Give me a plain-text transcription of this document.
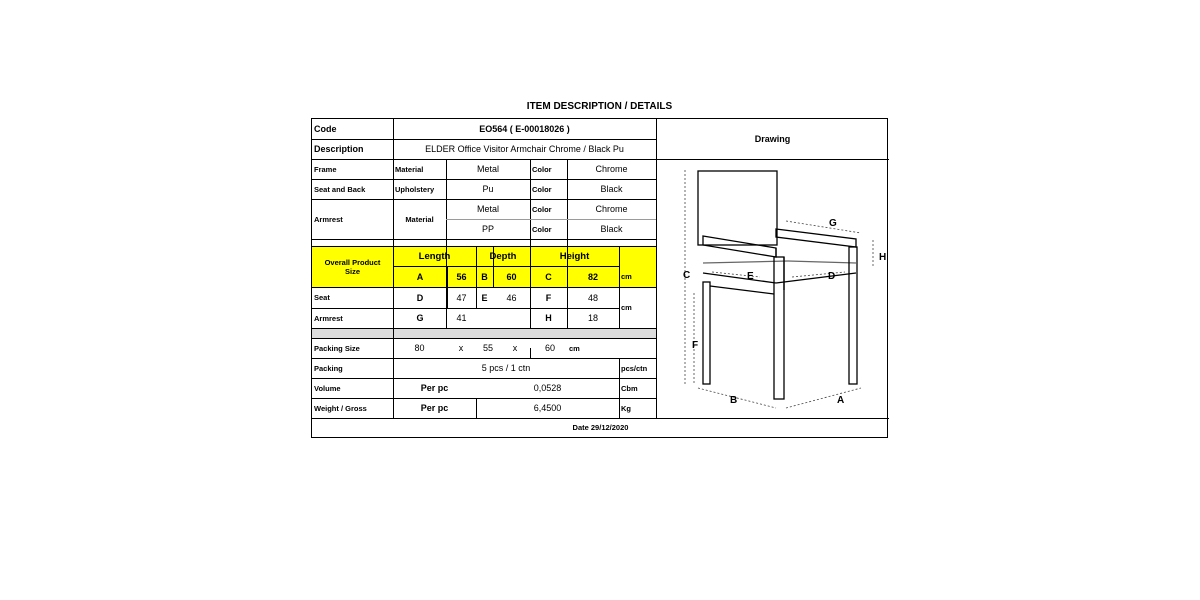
ITEM DESCRIPTION / DETAILS
Code	EO564 ( E-00018026 )
Description	ELDER Office Visitor Armchair Chrome / Black Pu
Frame	Material	Metal	Color	Chrome
Seat and Back	Upholstery	Pu	Color	Black
Armrest	Material
Metal	Color	Chrome
PP	Color	Black
Overall Product Size
Length	Depth	Height
A	56	B	60	C	82	cm
Seat	D	47	E	46	F	48
cm
Armrest	G	41	H	18
Packing Size	80	x	55	x	60	cm
Packing	5 pcs / 1 ctn	pcs/ctn
Volume	Per pc	0,0528	Cbm
Weight / Gross	Per pc	6,4500	Kg
Date 29/12/2020
Drawing
C
F
G
H
E	D
B	A
